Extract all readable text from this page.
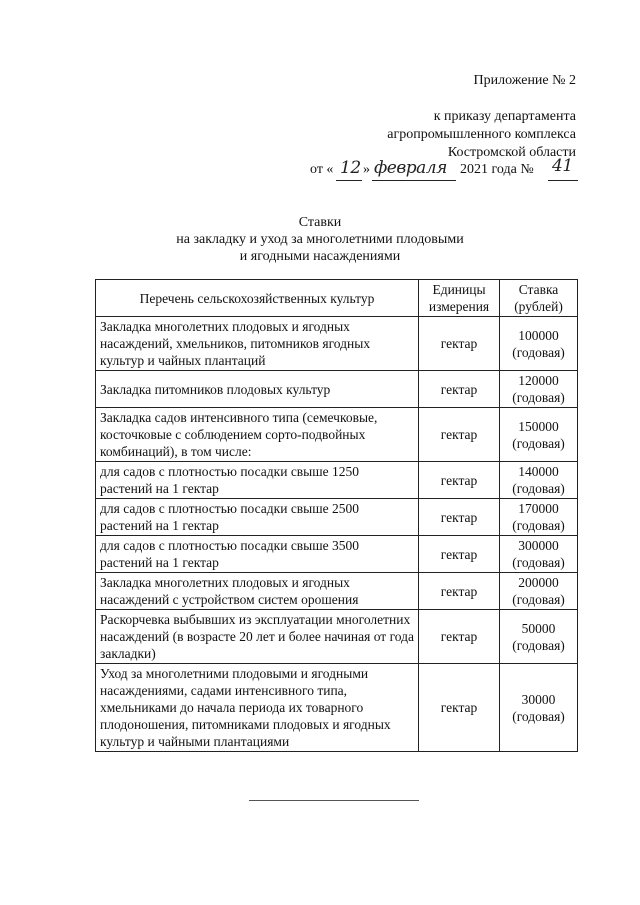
Приложение № 2
к приказу департамента
агропромышленного комплекса
Костромской области
от « 12 » февраля 2021 года № 41
Ставки
на закладку и уход за многолетними плодовыми
и ягодными насаждениями
Перечень сельскохозяйственных культур	Единицы измерения	Ставка (рублей)
Закладка многолетних плодовых и ягодных насаждений, хмельников, питомников ягодных культур и чайных плантаций	гектар	100000 (годовая)
Закладка питомников плодовых культур	гектар	120000 (годовая)
Закладка садов интенсивного типа (семечковые, косточковые с соблюдением сорто-подвойных комбинаций), в том числе:	гектар	150000 (годовая)
для садов с плотностью посадки свыше 1250 растений на 1 гектар	гектар	140000 (годовая)
для садов с плотностью посадки свыше 2500 растений на 1 гектар	гектар	170000 (годовая)
для садов с плотностью посадки свыше 3500 растений на 1 гектар	гектар	300000 (годовая)
Закладка многолетних плодовых и ягодных насаждений с устройством систем орошения	гектар	200000 (годовая)
Раскорчевка выбывших из эксплуатации многолетних насаждений (в возрасте 20 лет и более начиная от года закладки)	гектар	50000 (годовая)
Уход за многолетними плодовыми и ягодными насаждениями, садами интенсивного типа, хмельниками до начала периода их товарного плодоношения, питомниками плодовых и ягодных культур и чайными плантациями	гектар	30000 (годовая)
